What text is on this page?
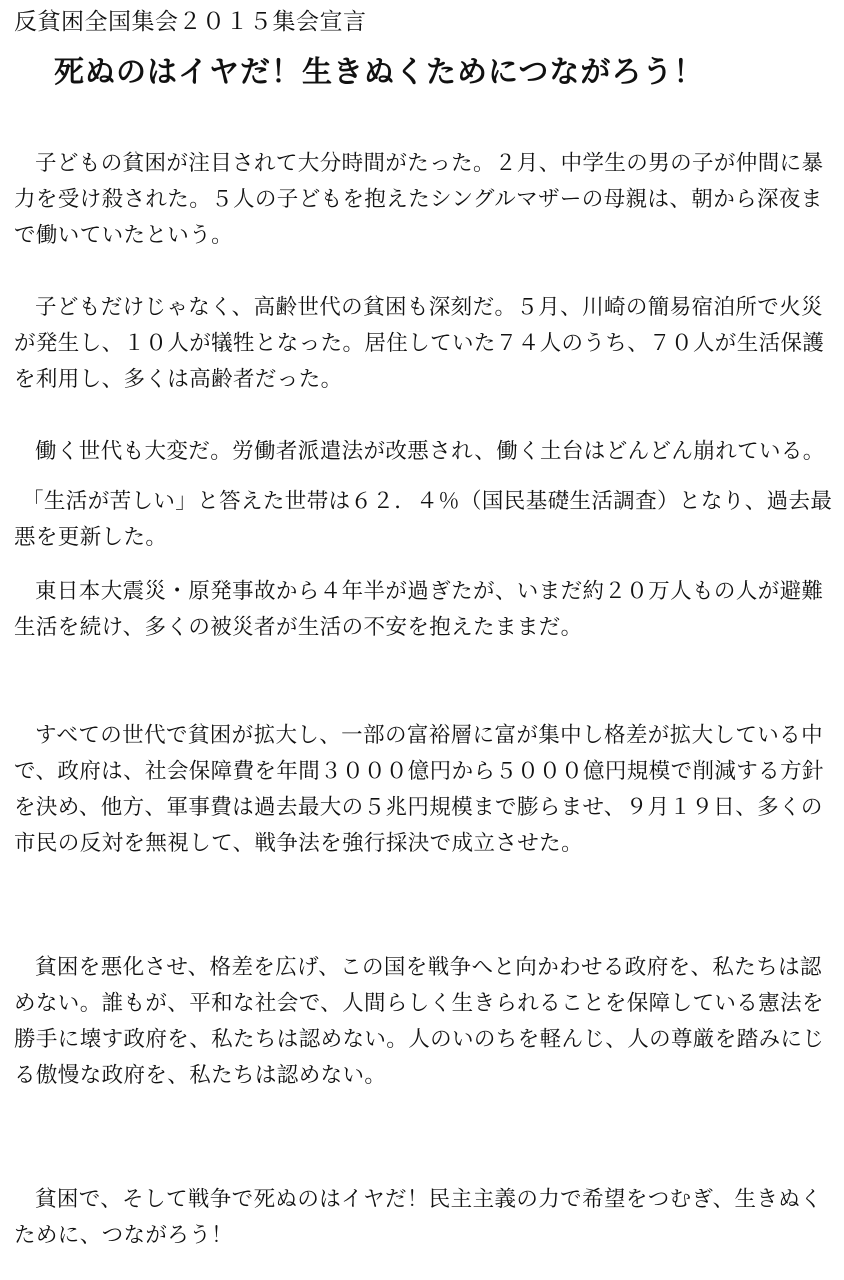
反貧困全国集会２０１５集会宣言
死ぬのはイヤだ！生きぬくためにつながろう！

子どもの貧困が注目されて大分時間がたった。２月、中学生の男の子が仲間に暴力を受け殺された。５人の子どもを抱えたシングルマザーの母親は、朝から深夜まで働いていたという。

子どもだけじゃなく、高齢世代の貧困も深刻だ。５月、川崎の簡易宿泊所で火災が発生し、１０人が犠牲となった。居住していた７４人のうち、７０人が生活保護を利用し、多くは高齢者だった。

働く世代も大変だ。労働者派遣法が改悪され、働く土台はどんどん崩れている。

「生活が苦しい」と答えた世帯は６２．４％（国民基礎生活調査）となり、過去最悪を更新した。

東日本大震災・原発事故から４年半が過ぎたが、いまだ約２０万人もの人が避難生活を続け、多くの被災者が生活の不安を抱えたままだ。

すべての世代で貧困が拡大し、一部の富裕層に富が集中し格差が拡大している中で、政府は、社会保障費を年間３０００億円から５０００億円規模で削減する方針を決め、他方、軍事費は過去最大の５兆円規模まで膨らませ、９月１９日、多くの市民の反対を無視して、戦争法を強行採決で成立させた。

貧困を悪化させ、格差を広げ、この国を戦争へと向かわせる政府を、私たちは認めない。誰もが、平和な社会で、人間らしく生きられることを保障している憲法を勝手に壊す政府を、私たちは認めない。人のいのちを軽んじ、人の尊厳を踏みにじる傲慢な政府を、私たちは認めない。

貧困で、そして戦争で死ぬのはイヤだ！民主主義の力で希望をつむぎ、生きぬくために、つながろう！
